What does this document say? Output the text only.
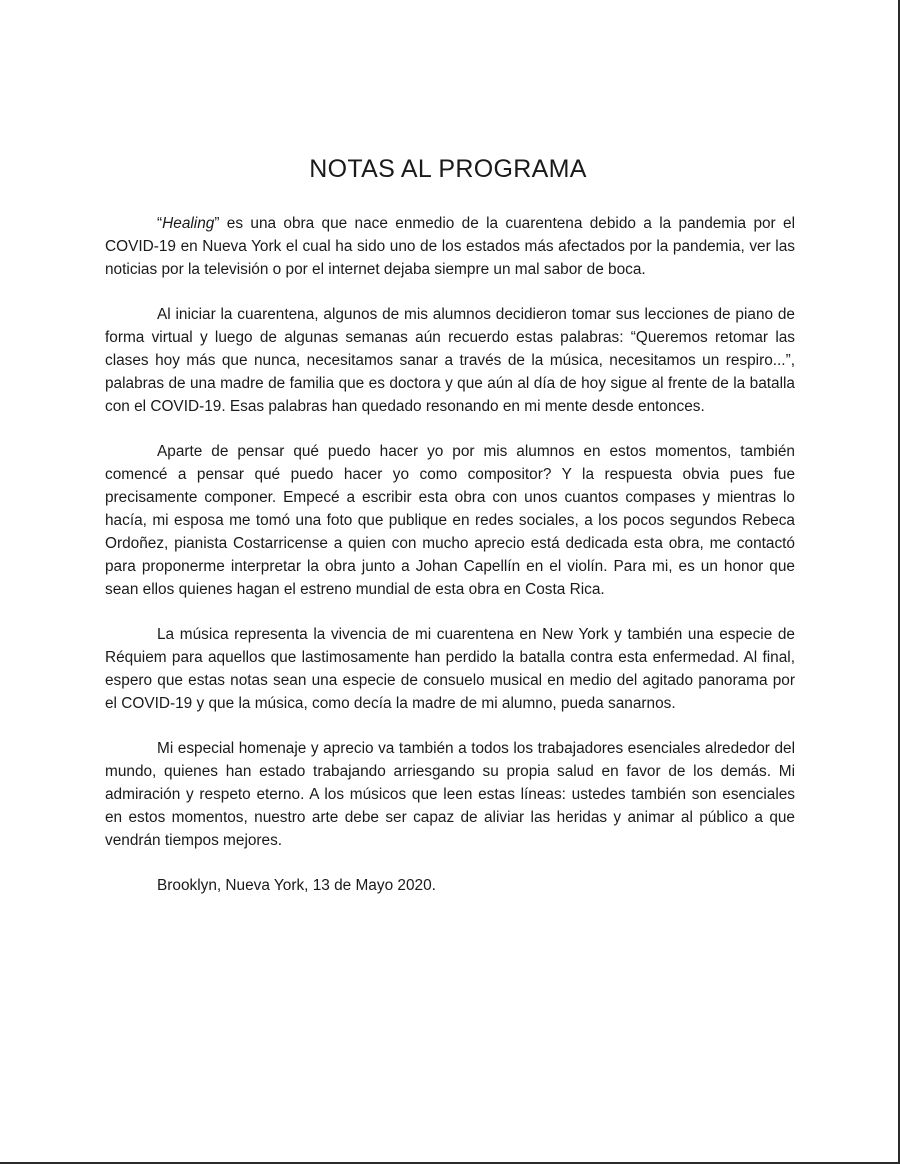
NOTAS AL PROGRAMA

“Healing” es una obra que nace enmedio de la cuarentena debido a la pandemia por el COVID-19 en Nueva York el cual ha sido uno de los estados más afectados por la pandemia, ver las noticias por la televisión o por el internet dejaba siempre un mal sabor de boca.

Al iniciar la cuarentena, algunos de mis alumnos decidieron tomar sus lecciones de piano de forma virtual y luego de algunas semanas aún recuerdo estas palabras: “Queremos retomar las clases hoy más que nunca, necesitamos sanar a través de la música, necesitamos un respiro...”, palabras de una madre de familia que es doctora y que aún al día de hoy sigue al frente de la batalla con el COVID-19. Esas palabras han quedado resonando en mi mente desde entonces.

Aparte de pensar qué puedo hacer yo por mis alumnos en estos momentos, también comencé a pensar qué puedo hacer yo como compositor? Y la respuesta obvia pues fue precisamente componer. Empecé a escribir esta obra con unos cuantos compases y mientras lo hacía, mi esposa me tomó una foto que publique en redes sociales, a los pocos segundos Rebeca Ordoñez, pianista Costarricense a quien con mucho aprecio está dedicada esta obra, me contactó para proponerme interpretar la obra junto a Johan Capellín en el violín. Para mi, es un honor que sean ellos quienes hagan el estreno mundial de esta obra en Costa Rica.

La música representa la vivencia de mi cuarentena en New York y también una especie de Réquiem para aquellos que lastimosamente han perdido la batalla contra esta enfermedad. Al final, espero que estas notas sean una especie de consuelo musical en medio del agitado panorama por el COVID-19 y que la música, como decía la madre de mi alumno, pueda sanarnos.

Mi especial homenaje y aprecio va también a todos los trabajadores esenciales alrededor del mundo, quienes han estado trabajando arriesgando su propia salud en favor de los demás. Mi admiración y respeto eterno. A los músicos que leen estas líneas: ustedes también son esenciales en estos momentos, nuestro arte debe ser capaz de aliviar las heridas y animar al público a que vendrán tiempos mejores.

Brooklyn, Nueva York, 13 de Mayo 2020.
